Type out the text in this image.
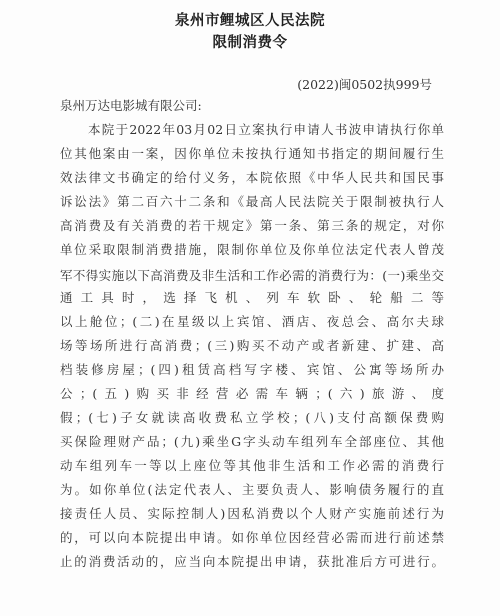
泉州市鲤城区人民法院
限制消费令
(2022)闽0502执999号
泉州万达电影城有限公司:
本院于2022年03月02日立案执行申请人书波申请执行你单
位其他案由一案，因你单位未按执行通知书指定的期间履行生
效法律文书确定的给付义务，本院依照《中华人民共和国民事
诉讼法》第二百六十二条和《最高人民法院关于限制被执行人
高消费及有关消费的若干规定》第一条、第三条的规定，对你
单位采取限制消费措施，限制你单位及你单位法定代表人曾茂
军不得实施以下高消费及非生活和工作必需的消费行为：(一)乘坐交通工具时，选择飞机、列车软卧、轮船二等
以上舱位；(二)在星级以上宾馆、酒店、夜总会、高尔夫球
场等场所进行高消费；(三)购买不动产或者新建、扩建、高
档装修房屋；(四)租赁高档写字楼、宾馆、公寓等场所办
公；(五)购买非经营必需车辆；(六)旅游、度
假；(七)子女就读高收费私立学校；(八)支付高额保费购
买保险理财产品；(九)乘坐G字头动车组列车全部座位、其他
动车组列车一等以上座位等其他非生活和工作必需的消费行
为。如你单位(法定代表人、主要负责人、影响债务履行的直
接责任人员、实际控制人)因私消费以个人财产实施前述行为
的，可以向本院提出申请。如你单位因经营必需而进行前述禁
止的消费活动的，应当向本院提出申请，获批准后方可进行。
